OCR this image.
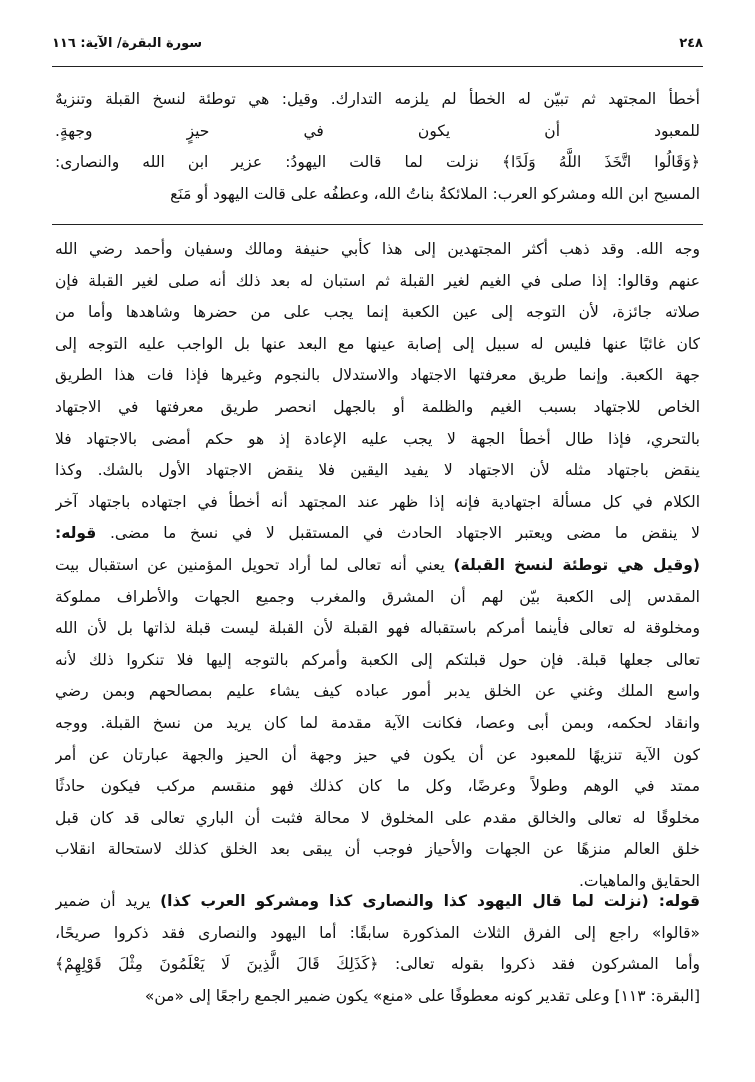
٢٤٨
سورة البقرة/ الآية: ١١٦
أخطأ المجتهد ثم تبيّن له الخطأ لم يلزمه التدارك. وقيل: هي توطئة لنسخ القبلة وتنزيهٌ
للمعبود أن يكون في حيزٍ وجهةٍ.
﴿وَقَالُوا اتَّخَذَ اللَّهُ وَلَدًا﴾ نزلت لما قالت اليهودُ: عزير ابن الله والنصارى:
المسيح ابن الله ومشركو العرب: الملائكةُ بناتُ الله، وعطفُه على قالت اليهود أو مَنَع
وجه الله. وقد ذهب أكثر المجتهدين إلى هذا كأبي حنيفة ومالك وسفيان وأحمد رضي الله
عنهم وقالوا: إذا صلى في الغيم لغير القبلة ثم استبان له بعد ذلك أنه صلى لغير القبلة فإن
صلاته جائزة، لأن التوجه إلى عين الكعبة إنما يجب على من حضرها وشاهدها وأما من
كان غائبًا عنها فليس له سبيل إلى إصابة عينها مع البعد عنها بل الواجب عليه التوجه إلى
جهة الكعبة. وإنما طريق معرفتها الاجتهاد والاستدلال بالنجوم وغيرها فإذا فات هذا الطريق
الخاص للاجتهاد بسبب الغيم والظلمة أو بالجهل انحصر طريق معرفتها في الاجتهاد
بالتحري، فإذا طال أخطأ الجهة لا يجب عليه الإعادة إذ هو حكم أمضى بالاجتهاد فلا
ينقض باجتهاد مثله لأن الاجتهاد لا يفيد اليقين فلا ينقض الاجتهاد الأول بالشك. وكذا
الكلام في كل مسألة اجتهادية فإنه إذا ظهر عند المجتهد أنه أخطأ في اجتهاده باجتهاد آخر
لا ينقض ما مضى ويعتبر الاجتهاد الحادث في المستقبل لا في نسخ ما مضى. قوله:
(وقيل هي توطئة لنسخ القبلة) يعني أنه تعالى لما أراد تحويل المؤمنين عن استقبال بيت
المقدس إلى الكعبة بيّن لهم أن المشرق والمغرب وجميع الجهات والأطراف مملوكة
ومخلوقة له تعالى فأينما أمركم باستقباله فهو القبلة لأن القبلة ليست قبلة لذاتها بل لأن الله
تعالى جعلها قبلة. فإن حول قبلتكم إلى الكعبة وأمركم بالتوجه إليها فلا تنكروا ذلك لأنه
واسع الملك وغني عن الخلق يدبر أمور عباده كيف يشاء عليم بمصالحهم وبمن رضي
وانقاد لحكمه، وبمن أبى وعصا، فكانت الآية مقدمة لما كان يريد من نسخ القبلة. ووجه
كون الآية تنزيهًا للمعبود عن أن يكون في حيز وجهة أن الحيز والجهة عبارتان عن أمر
ممتد في الوهم وطولاً وعرضًا، وكل ما كان كذلك فهو منقسم مركب فيكون حادثًا
مخلوقًا له تعالى والخالق مقدم على المخلوق لا محالة فثبت أن الباري تعالى قد كان قبل
خلق العالم منزهًا عن الجهات والأحياز فوجب أن يبقى بعد الخلق كذلك لاستحالة انقلاب
الحقايق والماهيات.
قوله: (نزلت لما قال اليهود كذا والنصارى كذا ومشركو العرب كذا) يريد أن ضمير
«قالوا» راجع إلى الفرق الثلاث المذكورة سابقًا: أما اليهود والنصارى فقد ذكروا صريحًا،
وأما المشركون فقد ذكروا بقوله تعالى: ﴿كَذَلِكَ قَالَ الَّذِينَ لَا يَعْلَمُونَ مِثْلَ قَوْلِهِمْ﴾
[البقرة: ١١٣] وعلى تقدير كونه معطوفًا على «منع» يكون ضمير الجمع راجعًا إلى «من»
